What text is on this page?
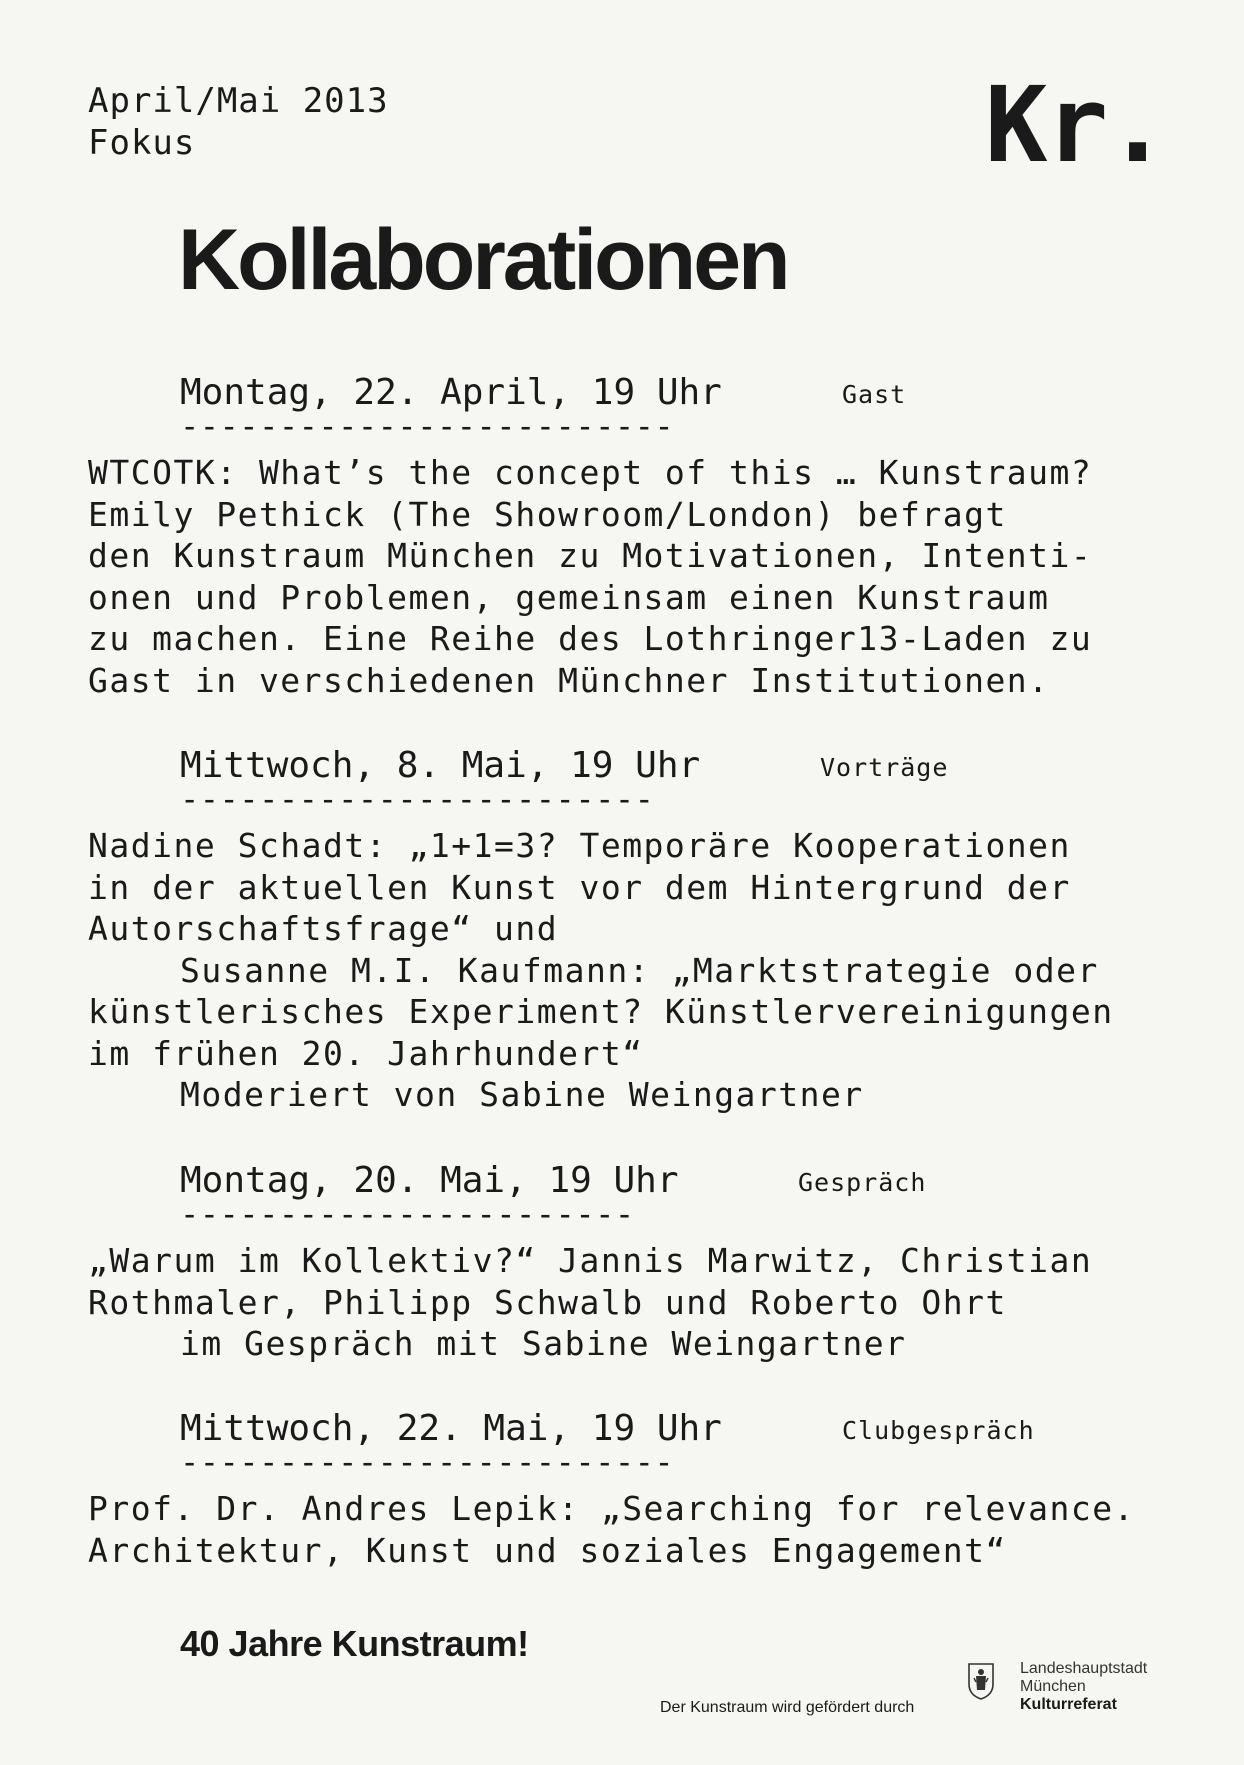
April/Mai 2013
Fokus	Kr.
Kollaborationen
Montag, 22. April, 19 Uhr	Gast
-------------------------
WTCOTK: What’s the concept of this … Kunstraum?
Emily Pethick (The Showroom/London) befragt
den Kunstraum München zu Motivationen, Intenti-
onen und Problemen, gemeinsam einen Kunstraum
zu machen. Eine Reihe des Lothringer13-Laden zu
Gast in verschiedenen Münchner Institutionen.
Mittwoch, 8. Mai, 19 Uhr	Vorträge
------------------------
Nadine Schadt: „1+1=3? Temporäre Kooperationen
in der aktuellen Kunst vor dem Hintergrund der
Autorschaftsfrage“ und
Susanne M.I. Kaufmann: „Marktstrategie oder
künstlerisches Experiment? Künstlervereinigungen
im frühen 20. Jahrhundert“
Moderiert von Sabine Weingartner
Montag, 20. Mai, 19 Uhr	Gespräch
-----------------------
„Warum im Kollektiv?“ Jannis Marwitz, Christian
Rothmaler, Philipp Schwalb und Roberto Ohrt
im Gespräch mit Sabine Weingartner
Mittwoch, 22. Mai, 19 Uhr	Clubgespräch
-------------------------
Prof. Dr. Andres Lepik: „Searching for relevance.
Architektur, Kunst und soziales Engagement“
40 Jahre Kunstraum!
Der Kunstraum wird gefördert durch
Landeshauptstadt
München
Kulturreferat
